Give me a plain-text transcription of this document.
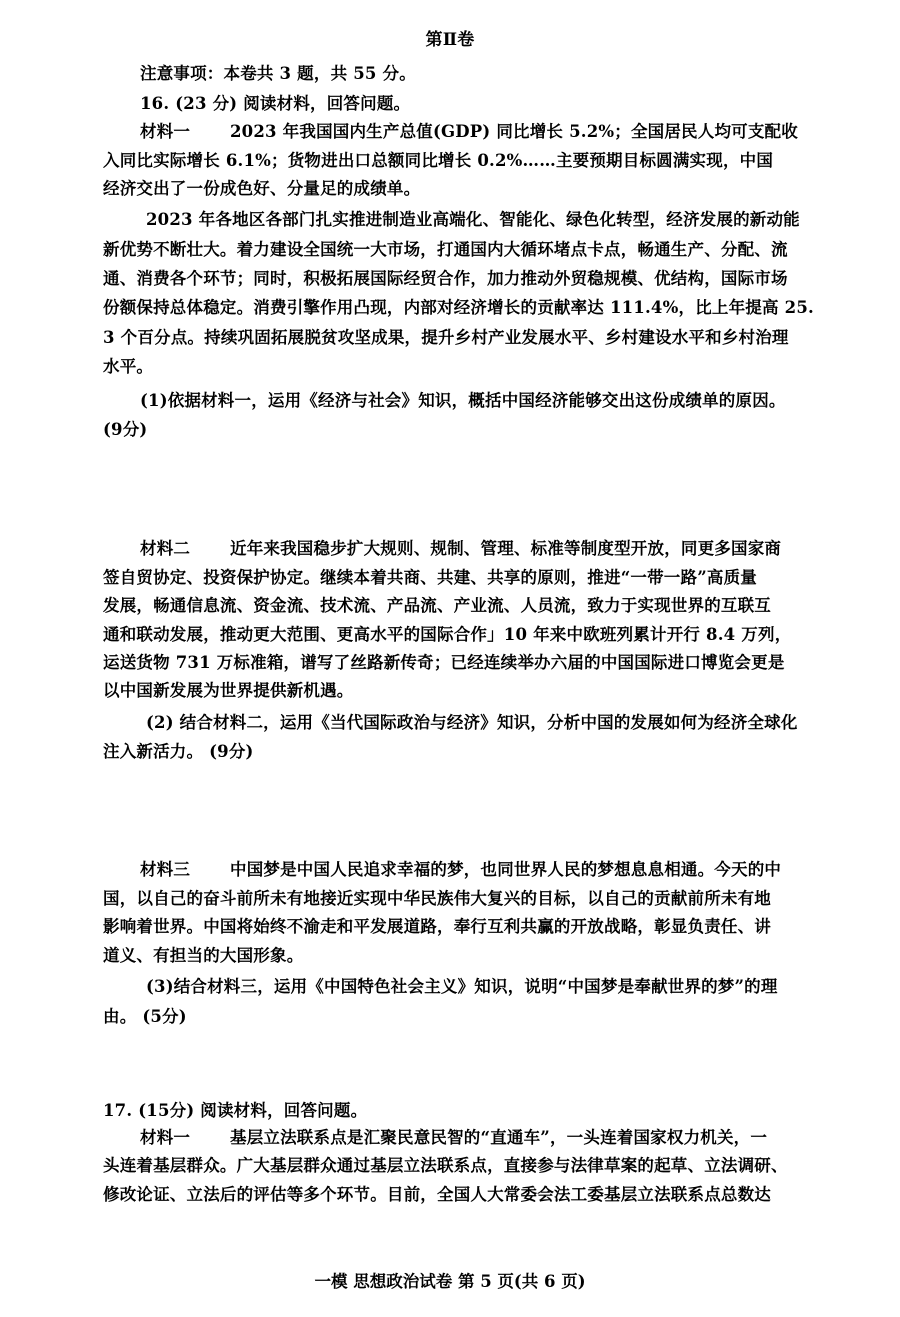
第Ⅱ卷
注意事项：本卷共 3 题，共 55 分。
16. (23 分) 阅读材料，回答问题。
材料一 2023 年我国国内生产总值(GDP) 同比增长 5.2%；全国居民人均可支配收
入同比实际增长 6.1%；货物进出口总额同比增长 0.2%……主要预期目标圆满实现，中国
经济交出了一份成色好、分量足的成绩单。
2023 年各地区各部门扎实推进制造业高端化、智能化、绿色化转型，经济发展的新动能
新优势不断壮大。着力建设全国统一大市场，打通国内大循环堵点卡点，畅通生产、分配、流
通、消费各个环节；同时，积极拓展国际经贸合作，加力推动外贸稳规模、优结构，国际市场
份额保持总体稳定。消费引擎作用凸现，内部对经济增长的贡献率达 111.4%，比上年提高 25.
3 个百分点。持续巩固拓展脱贫攻坚成果，提升乡村产业发展水平、乡村建设水平和乡村治理
水平。
(1)依据材料一，运用《经济与社会》知识，概括中国经济能够交出这份成绩单的原因。
(9分)
材料二 近年来我国稳步扩大规则、规制、管理、标准等制度型开放，同更多国家商
签自贸协定、投资保护协定。继续本着共商、共建、共享的原则，推进“一带一路”高质量
发展，畅通信息流、资金流、技术流、产品流、产业流、人员流，致力于实现世界的互联互
通和联动发展，推动更大范围、更高水平的国际合作」10 年来中欧班列累计开行 8.4 万列，
运送货物 731 万标准箱，谱写了丝路新传奇；已经连续举办六届的中国国际进口博览会更是
以中国新发展为世界提供新机遇。
(2) 结合材料二，运用《当代国际政治与经济》知识，分析中国的发展如何为经济全球化
注入新活力。 (9分)
材料三 中国梦是中国人民追求幸福的梦，也同世界人民的梦想息息相通。今天的中
国，以自己的奋斗前所未有地接近实现中华民族伟大复兴的目标，以自己的贡献前所未有地
影响着世界。中国将始终不渝走和平发展道路，奉行互利共赢的开放战略，彰显负责任、讲
道义、有担当的大国形象。
(3)结合材料三，运用《中国特色社会主义》知识，说明“中国梦是奉献世界的梦”的理
由。 (5分)
17. (15分) 阅读材料，回答问题。
材料一 基层立法联系点是汇聚民意民智的“直通车”，一头连着国家权力机关，一
头连着基层群众。广大基层群众通过基层立法联系点，直接参与法律草案的起草、立法调研、
修改论证、立法后的评估等多个环节。目前，全国人大常委会法工委基层立法联系点总数达
一模 思想政治试卷 第 5 页(共 6 页)
